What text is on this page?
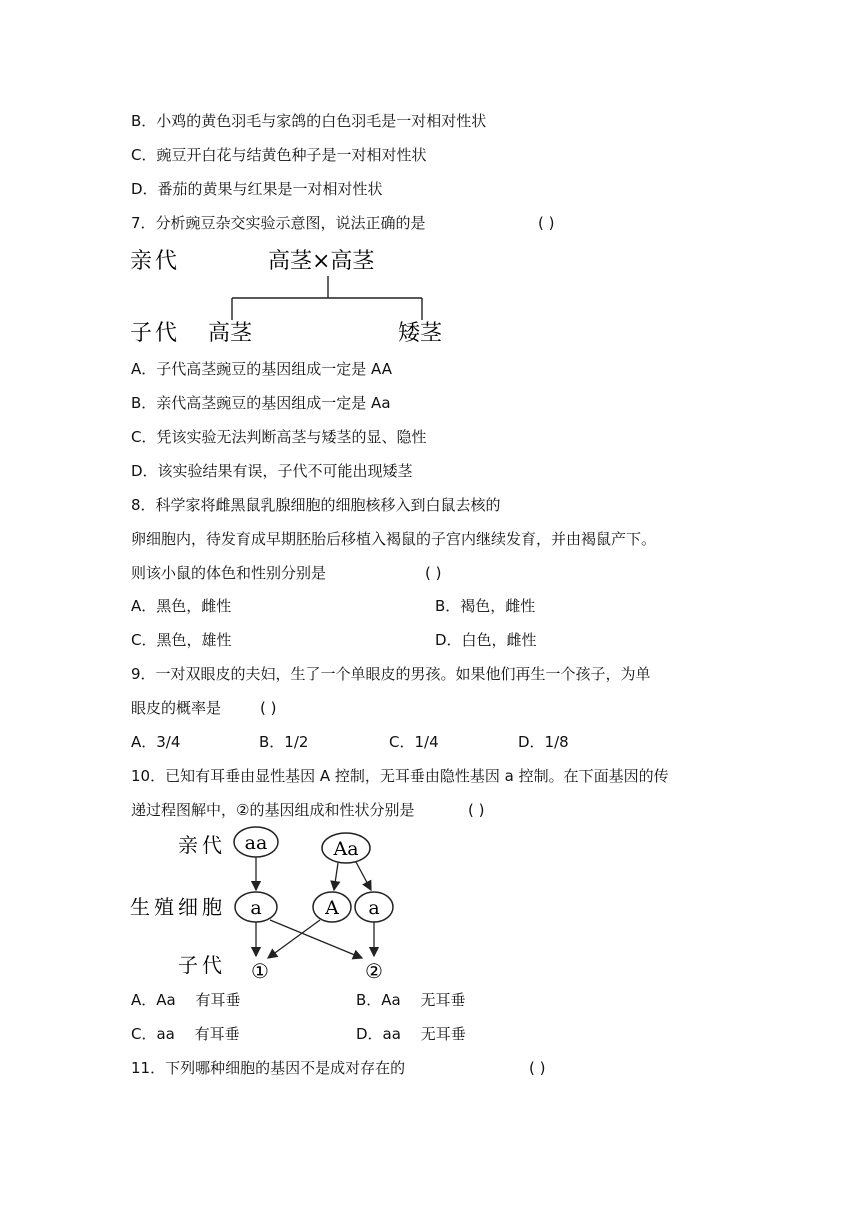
B．小鸡的黄色羽毛与家鸽的白色羽毛是一对相对性状
C．豌豆开白花与结黄色种子是一对相对性状
D．番茄的黄果与红果是一对相对性状
7．分析豌豆杂交实验示意图，说法正确的是	( )
亲代	高茎×高茎
子代 高茎	矮茎
A．子代高茎豌豆的基因组成一定是 AA
B．亲代高茎豌豆的基因组成一定是 Aa
C．凭该实验无法判断高茎与矮茎的显、隐性
D．该实验结果有误，子代不可能出现矮茎
8．科学家将雌黑鼠乳腺细胞的细胞核移入到白鼠去核的
卵细胞内，待发育成早期胚胎后移植入褐鼠的子宫内继续发育，并由褐鼠产下。
则该小鼠的体色和性别分别是	( )
A．黑色，雌性	B．褐色，雌性
C．黑色，雄性	D．白色，雌性
9．一对双眼皮的夫妇，生了一个单眼皮的男孩。如果他们再生一个孩子，为单
眼皮的概率是	( )
A．3/4	B．1/2	C．1/4	D．1/8
10．已知有耳垂由显性基因 A 控制，无耳垂由隐性基因 a 控制。在下面基因的传
递过程图解中，②的基因组成和性状分别是	( )
亲代
生殖细胞
子代
aa	Aa
a	A a
①	②
A．Aa　 有耳垂	B．Aa　 无耳垂
C．aa　 有耳垂	D．aa　 无耳垂
11．下列哪种细胞的基因不是成对存在的	( )
